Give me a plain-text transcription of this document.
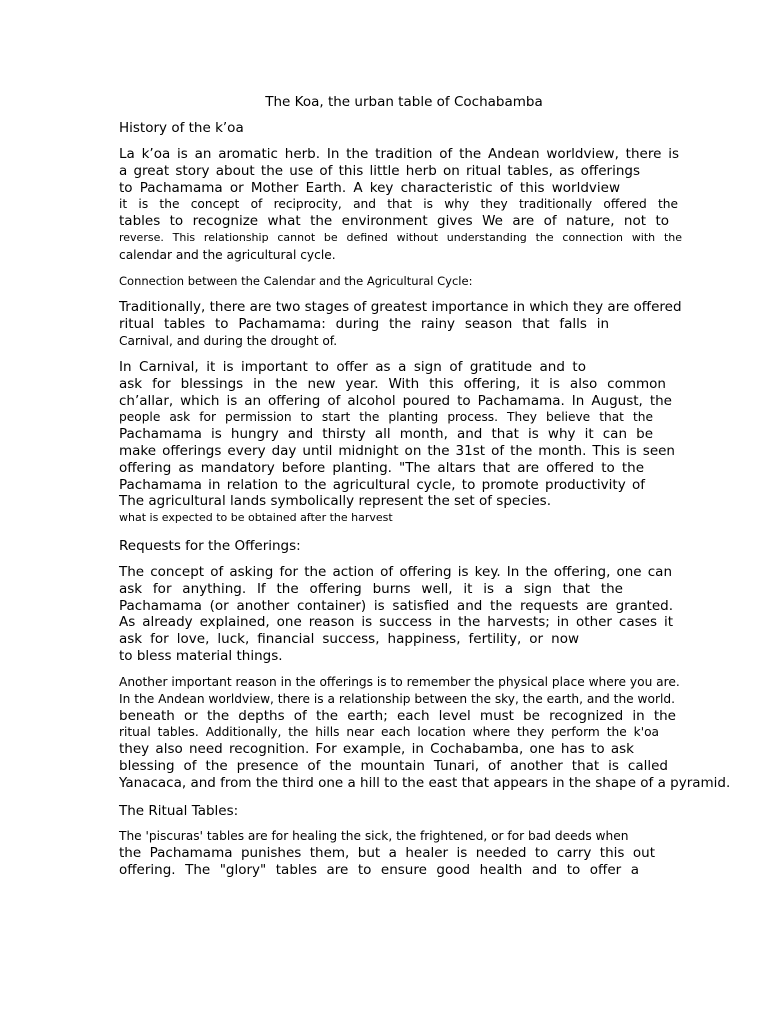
The Koa, the urban table of Cochabamba
History of the k’oa
La k’oa is an aromatic herb. In the tradition of the Andean worldview, there is
a great story about the use of this little herb on ritual tables, as offerings
to Pachamama or Mother Earth. A key characteristic of this worldview
it is the concept of reciprocity, and that is why they traditionally offered the
tables to recognize what the environment gives We are of nature, not to
reverse. This relationship cannot be defined without understanding the connection with the
calendar and the agricultural cycle.
Connection between the Calendar and the Agricultural Cycle:
Traditionally, there are two stages of greatest importance in which they are offered
ritual tables to Pachamama: during the rainy season that falls in
Carnival, and during the drought of.
In Carnival, it is important to offer as a sign of gratitude and to
ask for blessings in the new year. With this offering, it is also common
ch’allar, which is an offering of alcohol poured to Pachamama. In August, the
people ask for permission to start the planting process. They believe that the
Pachamama is hungry and thirsty all month, and that is why it can be
make offerings every day until midnight on the 31st of the month. This is seen
offering as mandatory before planting. "The altars that are offered to the
Pachamama in relation to the agricultural cycle, to promote productivity of
The agricultural lands symbolically represent the set of species.
what is expected to be obtained after the harvest
Requests for the Offerings:
The concept of asking for the action of offering is key. In the offering, one can
ask for anything. If the offering burns well, it is a sign that the
Pachamama (or another container) is satisfied and the requests are granted.
As already explained, one reason is success in the harvests; in other cases it
ask for love, luck, financial success, happiness, fertility, or now
to bless material things.
Another important reason in the offerings is to remember the physical place where you are.
In the Andean worldview, there is a relationship between the sky, the earth, and the world.
beneath or the depths of the earth; each level must be recognized in the
ritual tables. Additionally, the hills near each location where they perform the k'oa
they also need recognition. For example, in Cochabamba, one has to ask
blessing of the presence of the mountain Tunari, of another that is called
Yanacaca, and from the third one a hill to the east that appears in the shape of a pyramid.
The Ritual Tables:
The 'piscuras' tables are for healing the sick, the frightened, or for bad deeds when
the Pachamama punishes them, but a healer is needed to carry this out
offering. The "glory" tables are to ensure good health and to offer a
